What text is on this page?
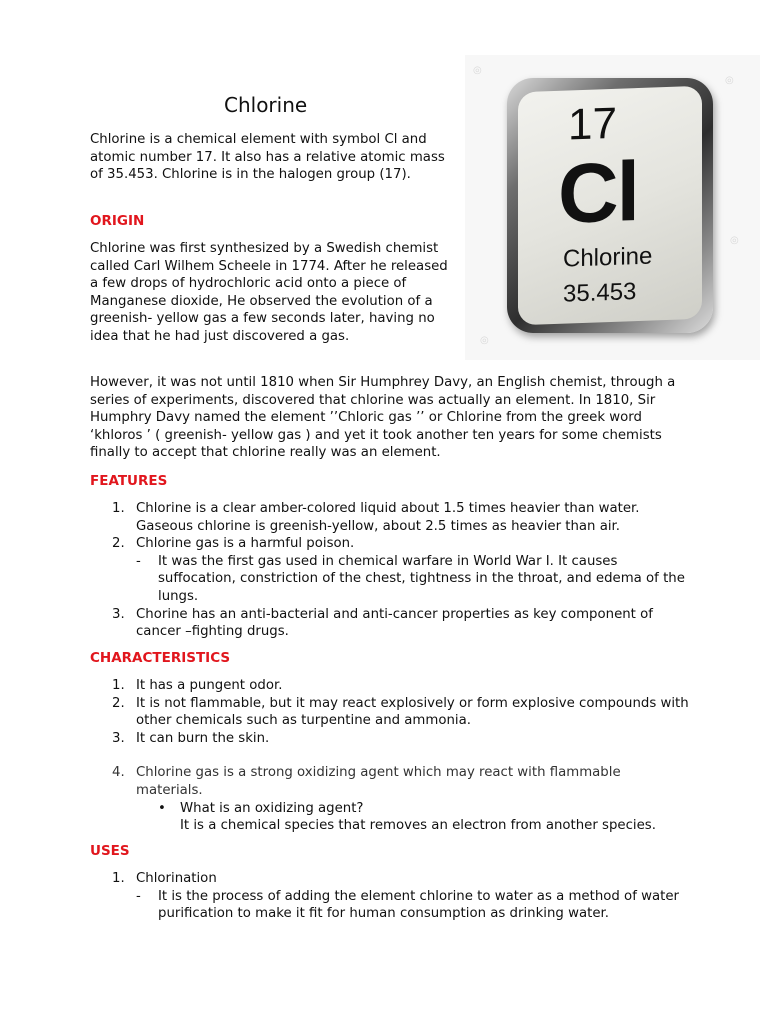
Chlorine
Chlorine is a chemical element with symbol Cl and atomic number 17. It also has a relative atomic mass of 35.453. Chlorine is in the halogen group (17).
ORIGIN
Chlorine was first synthesized by a Swedish chemist called Carl Wilhem Scheele in 1774. After he released a few drops of hydrochloric acid onto a piece of Manganese dioxide, He observed the evolution of a greenish- yellow gas a few seconds later, having no idea that he had just discovered a gas.
However, it was not until 1810 when Sir Humphrey Davy, an English chemist, through a series of experiments, discovered that chlorine was actually an element. In 1810, Sir Humphry Davy named the element ’’Chloric gas ’’ or Chlorine from the greek word ‘khloros ’ ( greenish- yellow gas ) and yet it took another ten years for some chemists finally to accept that chlorine really was an element.
FEATURES
1. Chlorine is a clear amber-colored liquid about 1.5 times heavier than water. Gaseous chlorine is greenish-yellow, about 2.5 times as heavier than air.
2. Chlorine gas is a harmful poison.
- It was the first gas used in chemical warfare in World War I. It causes suffocation, constriction of the chest, tightness in the throat, and edema of the lungs.
3. Chorine has an anti-bacterial and anti-cancer properties as key component of cancer –fighting drugs.
CHARACTERISTICS
1. It has a pungent odor.
2. It is not flammable, but it may react explosively or form explosive compounds with other chemicals such as turpentine and ammonia.
3. It can burn the skin.
4. Chlorine gas is a strong oxidizing agent which may react with flammable materials.
• What is an oxidizing agent?
It is a chemical species that removes an electron from another species.
USES
1. Chlorination
- It is the process of adding the element chlorine to water as a method of water purification to make it fit for human consumption as drinking water.
◎
◎
◎
◎
17
Cl
Chlorine
35.453
